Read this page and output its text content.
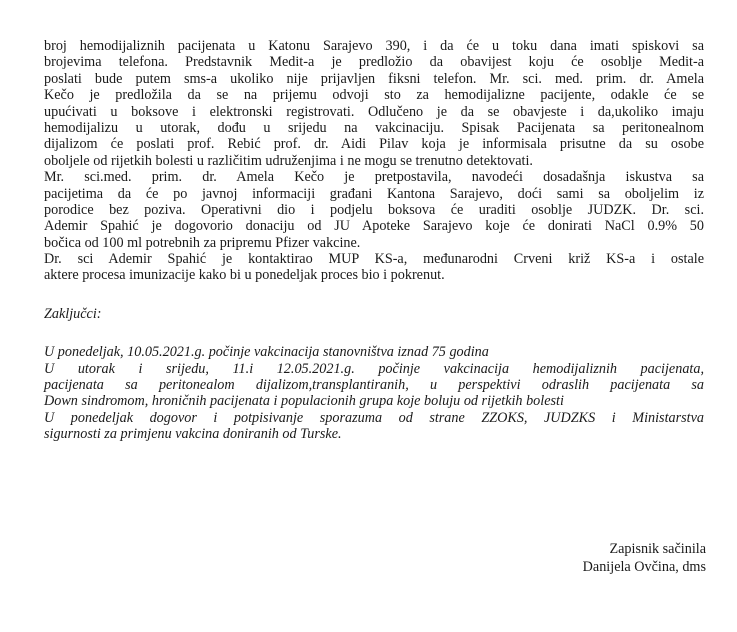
broj hemodijaliznih pacijenata u Katonu Sarajevo 390, i da će u toku dana imati spiskovi sa
brojevima telefona. Predstavnik Medit-a je predložio da obavijest koju će osoblje Medit-a
poslati bude putem sms-a ukoliko nije prijavljen fiksni telefon. Mr. sci. med. prim. dr. Amela
Kečo je predložila da se na prijemu odvoji sto za hemodijalizne pacijente, odakle će se
upućivati u boksove i elektronski registrovati. Odlučeno je da se obavjeste i da,ukoliko imaju
hemodijalizu u utorak, dođu u srijedu na vakcinaciju. Spisak Pacijenata sa peritonealnom
dijalizom će poslati prof. Rebić prof. dr. Aidi Pilav koja je informisala prisutne da su osobe
oboljele od rijetkih bolesti u različitim udruženjima i ne mogu se trenutno detektovati.
Mr. sci.med. prim. dr. Amela Kečo je pretpostavila, navodeći dosadašnja iskustva sa
pacijetima da će po javnoj informaciji građani Kantona Sarajevo, doći sami sa oboljelim iz
porodice bez poziva. Operativni dio i podjelu boksova će uraditi osoblje JUDZK. Dr. sci.
Ademir Spahić je dogovorio donaciju od JU Apoteke Sarajevo koje će donirati NaCl 0.9% 50
bočica od 100 ml potrebnih za pripremu Pfizer vakcine.
Dr. sci Ademir Spahić je kontaktirao MUP KS-a, međunarodni Crveni križ KS-a i ostale
aktere procesa imunizacije kako bi u ponedeljak proces bio i pokrenut.
Zaključci:
U ponedeljak, 10.05.2021.g. počinje vakcinacija stanovništva iznad 75 godina
U utorak i srijedu, 11.i 12.05.2021.g. počinje vakcinacija hemodijaliznih pacijenata,
pacijenata sa peritonealom dijalizom,transplantiranih, u perspektivi odraslih pacijenata sa
Down sindromom, hroničnih pacijenata i populacionih grupa koje boluju od rijetkih bolesti
U ponedeljak dogovor i potpisivanje sporazuma od strane ZZOKS, JUDZKS i Ministarstva
sigurnosti za primjenu vakcina doniranih od Turske.
Zapisnik sačinila
Danijela Ovčina, dms
